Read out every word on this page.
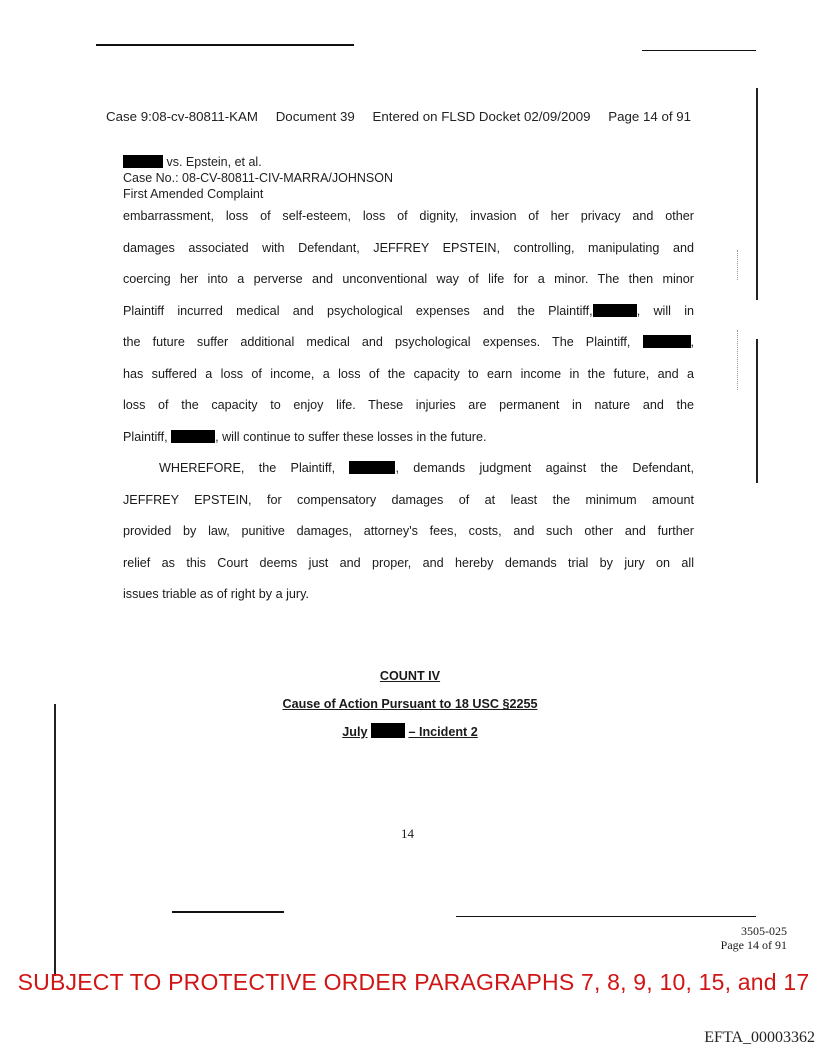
Case 9:08-cv-80811-KAM Document 39 Entered on FLSD Docket 02/09/2009 Page 14 of 91
vs. Epstein, et al.
Case No.: 08-CV-80811-CIV-MARRA/JOHNSON
First Amended Complaint
embarrassment, loss of self-esteem, loss of dignity, invasion of her privacy and other
damages associated with Defendant, JEFFREY EPSTEIN, controlling, manipulating and
coercing her into a perverse and unconventional way of life for a minor. The then minor
Plaintiff incurred medical and psychological expenses and the Plaintiff,	, will in
the future suffer additional medical and psychological expenses. The Plaintiff,	,
has suffered a loss of income, a loss of the capacity to earn income in the future, and a
loss of the capacity to enjoy life. These injuries are permanent in nature and the
Plaintiff,	, will continue to suffer these losses in the future.
WHEREFORE, the Plaintiff,	, demands judgment against the Defendant,
JEFFREY EPSTEIN, for compensatory damages of at least the minimum amount
provided by law, punitive damages, attorney's fees, costs, and such other and further
relief as this Court deems just and proper, and hereby demands trial by jury on all
issues triable as of right by a jury.
COUNT IV
Cause of Action Pursuant to 18 USC §2255
July	– Incident 2
14
3505-025
Page 14 of 91
SUBJECT TO PROTECTIVE ORDER PARAGRAPHS 7, 8, 9, 10, 15, and 17
EFTA_00003362
